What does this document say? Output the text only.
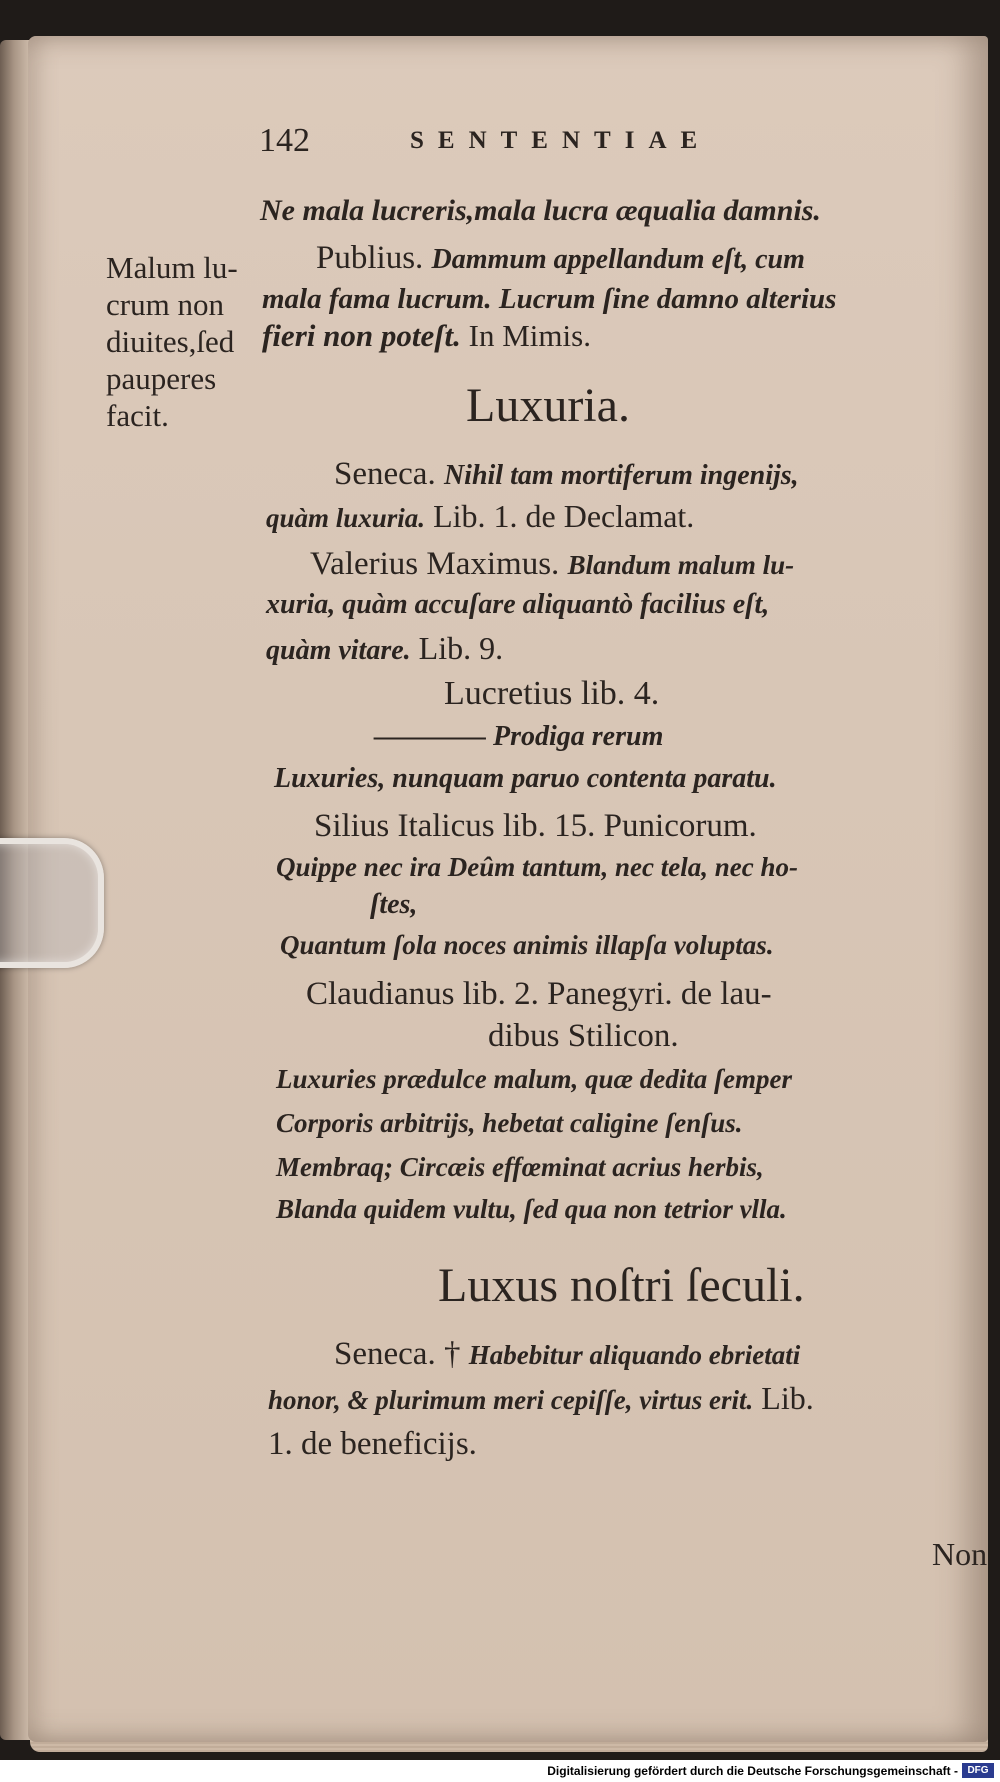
142	SENTENTIAE
Malum lu-
crum non
diuites,ſed
pauperes
facit.
Ne mala lucreris,mala lucra æqualia damnis.
Publius. Dammum appellandum eſt, cum
mala fama lucrum. Lucrum ſine damno alterius
fieri non poteſt. In Mimis.
Luxuria.
Seneca. Nihil tam mortiferum ingenijs,
quàm luxuria. Lib. 1. de Declamat.
Valerius Maximus. Blandum malum lu-
xuria, quàm accuſare aliquantò facilius eſt,
quàm vitare. Lib. 9.
Lucretius lib. 4.
———— Prodiga rerum
Luxuries, nunquam paruo contenta paratu.
Silius Italicus lib. 15. Punicorum.
Quippe nec ira Deûm tantum, nec tela, nec ho-
ſtes,
Quantum ſola noces animis illapſa voluptas.
Claudianus lib. 2. Panegyri. de lau-
dibus Stilicon.
Luxuries prædulce malum, quæ dedita ſemper
Corporis arbitrijs, hebetat caligine ſenſus.
Membraq; Circæis effœminat acrius herbis,
Blanda quidem vultu, ſed qua non tetrior vlla.
Luxus noſtri ſeculi.
Seneca. † Habebitur aliquando ebrietati
honor, & plurimum meri cepiſſe, virtus erit. Lib.
1. de beneficijs.
Non
Digitalisierung gefördert durch die Deutsche Forschungsgemeinschaft - DFG
